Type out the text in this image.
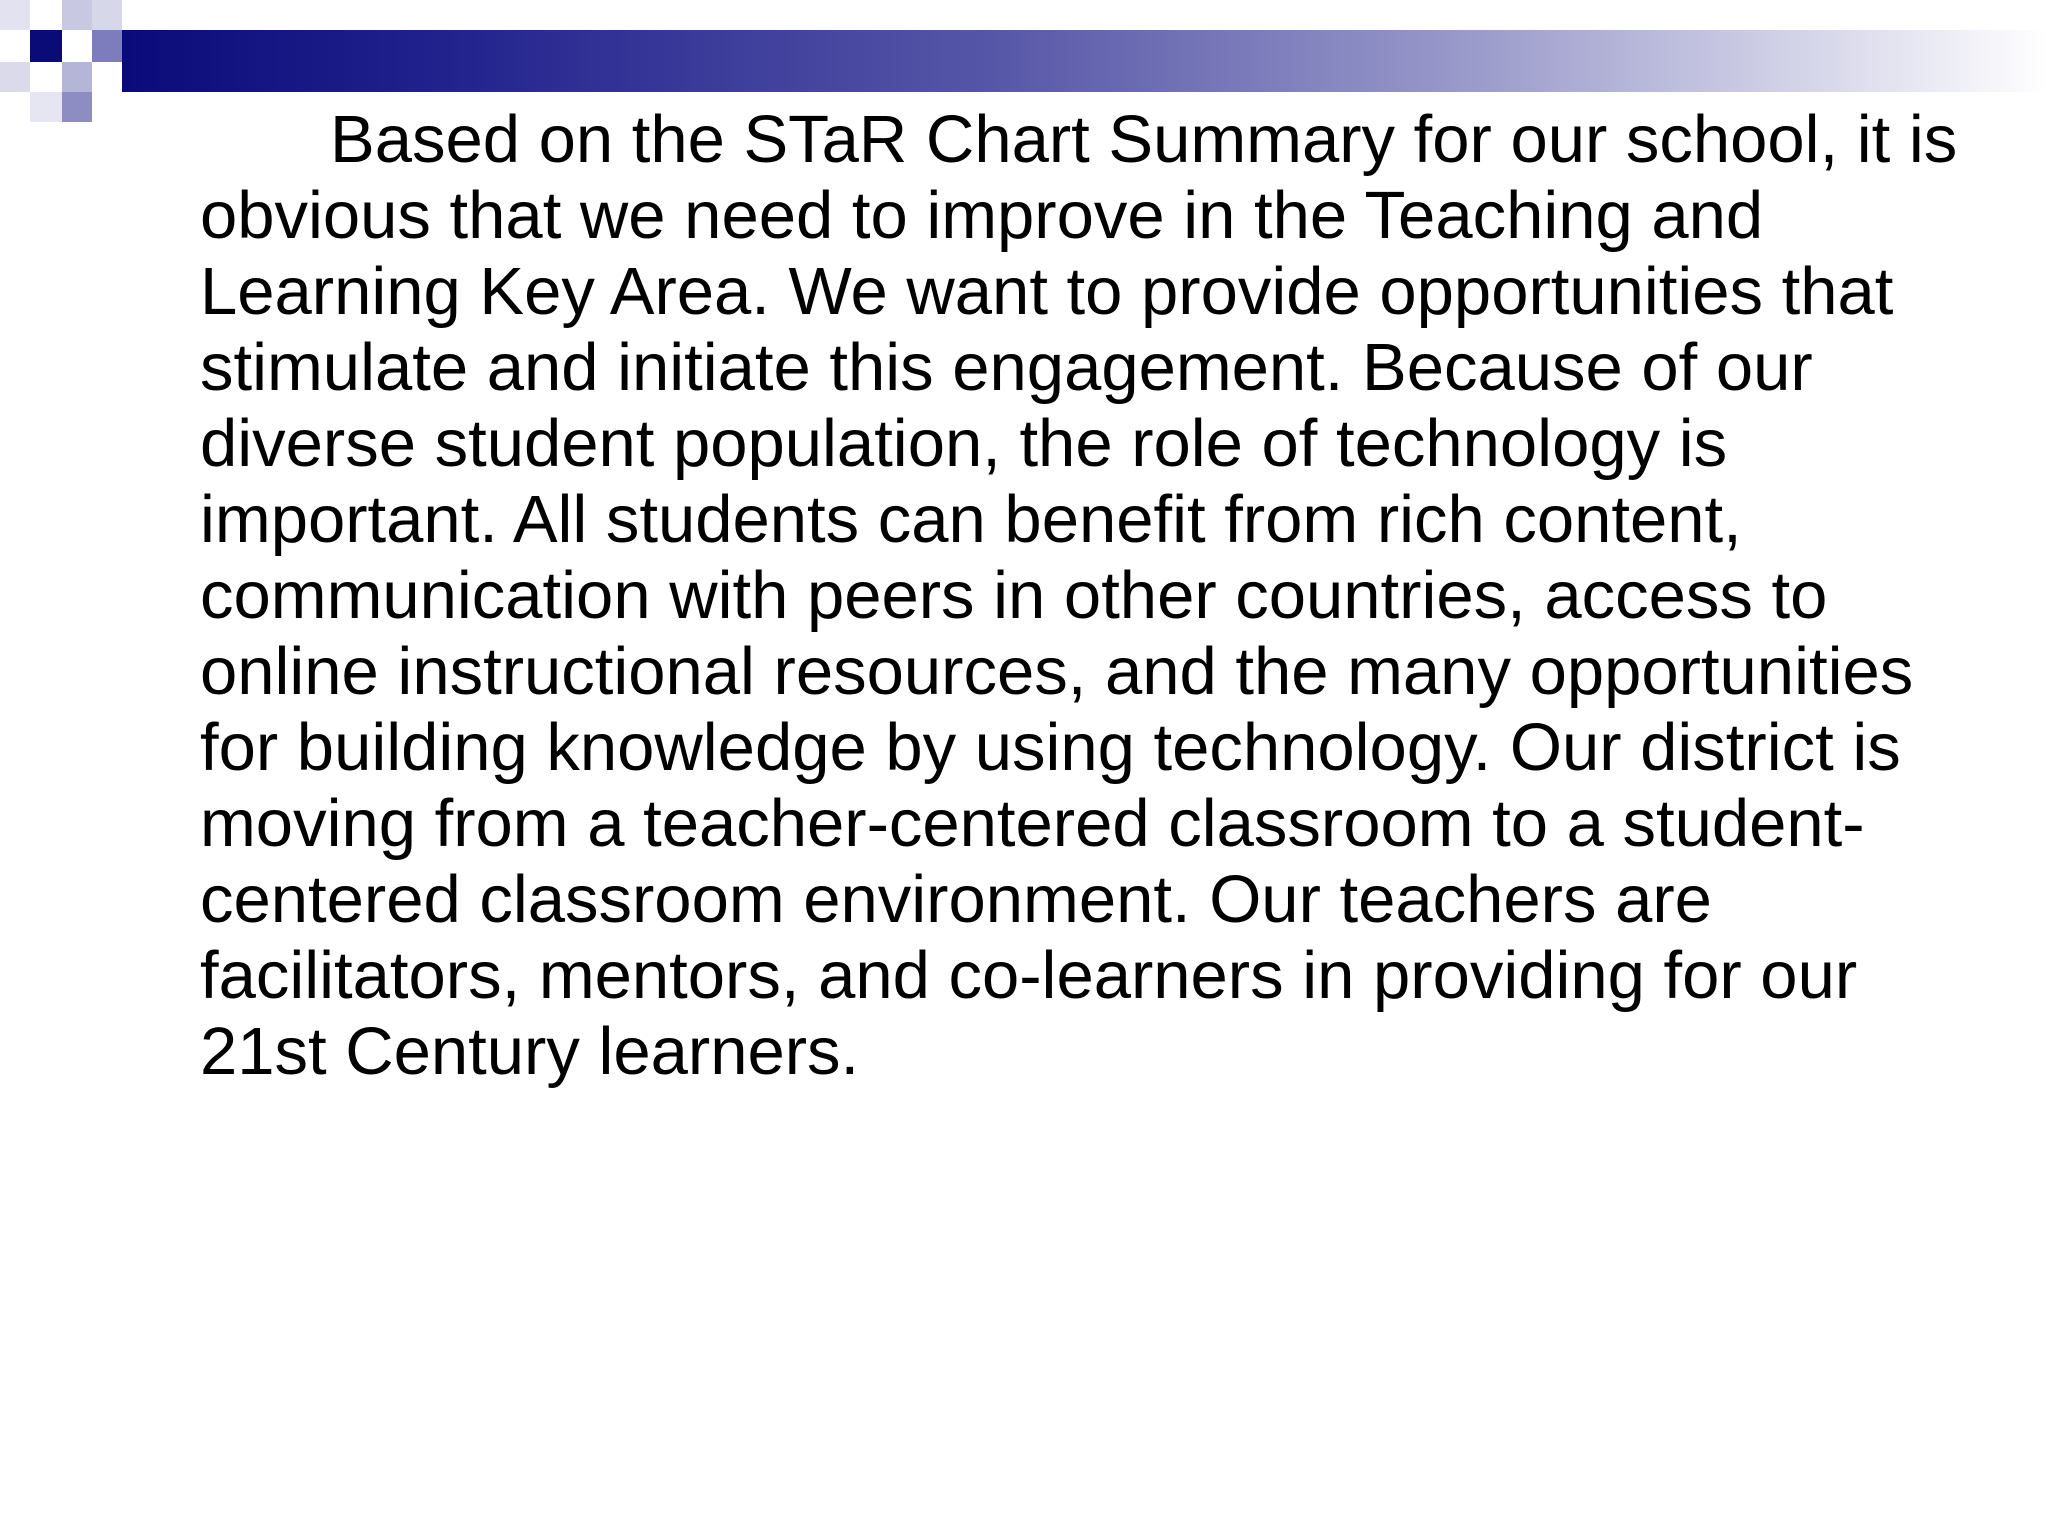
Based on the STaR Chart Summary for our school, it is obvious that we need to improve in the Teaching and Learning Key Area. We want to provide opportunities that stimulate and initiate this engagement. Because of our diverse student population, the role of technology is important. All students can benefit from rich content, communication with peers in other countries, access to online instructional resources, and the many opportunities for building knowledge by using technology. Our district is moving from a teacher-centered classroom to a student-centered classroom environment. Our teachers are facilitators, mentors, and co-learners in providing for our 21st Century learners.
